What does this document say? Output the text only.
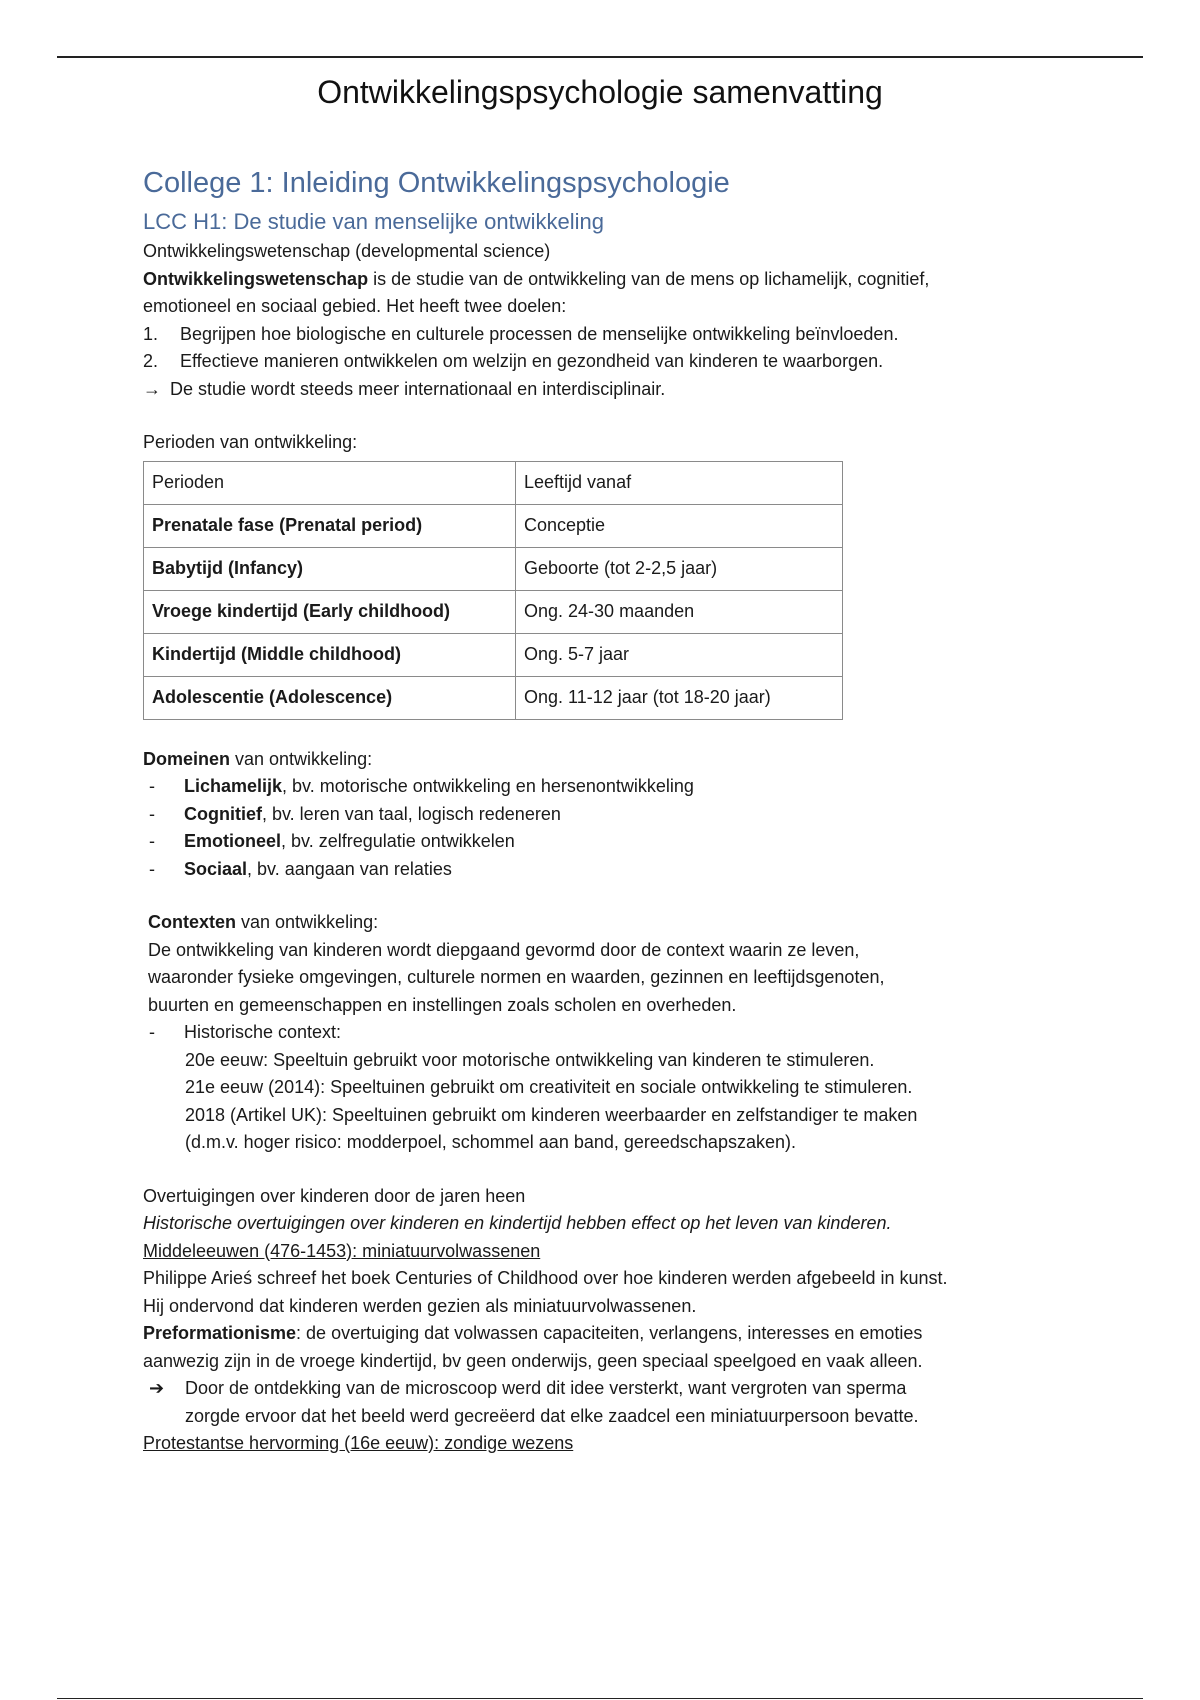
Ontwikkelingspsychologie samenvatting
College 1: Inleiding Ontwikkelingspsychologie
LCC H1: De studie van menselijke ontwikkeling

Ontwikkelingswetenschap (developmental science)

Ontwikkelingswetenschap is de studie van de ontwikkeling van de mens op lichamelijk, cognitief,

emotioneel en sociaal gebied. Het heeft twee doelen:

1.	Begrijpen hoe biologische en culturele processen de menselijke ontwikkeling beïnvloeden.
2.	Effectieve manieren ontwikkelen om welzijn en gezondheid van kinderen te waarborgen.
→ De studie wordt steeds meer internationaal en interdisciplinair.

Perioden van ontwikkeling:

Perioden	Leeftijd vanaf
Prenatale fase (Prenatal period)	Conceptie
Babytijd (Infancy)	Geboorte (tot 2-2,5 jaar)
Vroege kindertijd (Early childhood)	Ong. 24-30 maanden
Kindertijd (Middle childhood)	Ong. 5-7 jaar
Adolescentie (Adolescence)	Ong. 11-12 jaar (tot 18-20 jaar)

Domeinen van ontwikkeling:

-	Lichamelijk, bv. motorische ontwikkeling en hersenontwikkeling
-	Cognitief, bv. leren van taal, logisch redeneren
-	Emotioneel, bv. zelfregulatie ontwikkelen
-	Sociaal, bv. aangaan van relaties

Contexten van ontwikkeling:

De ontwikkeling van kinderen wordt diepgaand gevormd door de context waarin ze leven,

waaronder fysieke omgevingen, culturele normen en waarden, gezinnen en leeftijdsgenoten,

buurten en gemeenschappen en instellingen zoals scholen en overheden.

-	Historische context:

20e eeuw: Speeltuin gebruikt voor motorische ontwikkeling van kinderen te stimuleren.

21e eeuw (2014): Speeltuinen gebruikt om creativiteit en sociale ontwikkeling te stimuleren.

2018 (Artikel UK): Speeltuinen gebruikt om kinderen weerbaarder en zelfstandiger te maken

(d.m.v. hoger risico: modderpoel, schommel aan band, gereedschapszaken).

Overtuigingen over kinderen door de jaren heen

Historische overtuigingen over kinderen en kindertijd hebben effect op het leven van kinderen.

Middeleeuwen (476-1453): miniatuurvolwassenen

Philippe Arieś schreef het boek Centuries of Childhood over hoe kinderen werden afgebeeld in kunst.

Hij ondervond dat kinderen werden gezien als miniatuurvolwassenen.

Preformationisme: de overtuiging dat volwassen capaciteiten, verlangens, interesses en emoties

aanwezig zijn in de vroege kindertijd, bv geen onderwijs, geen speciaal speelgoed en vaak alleen.

➔	Door de ontdekking van de microscoop werd dit idee versterkt, want vergroten van sperma
zorgde ervoor dat het beeld werd gecreëerd dat elke zaadcel een miniatuurpersoon bevatte.

Protestantse hervorming (16e eeuw): zondige wezens
